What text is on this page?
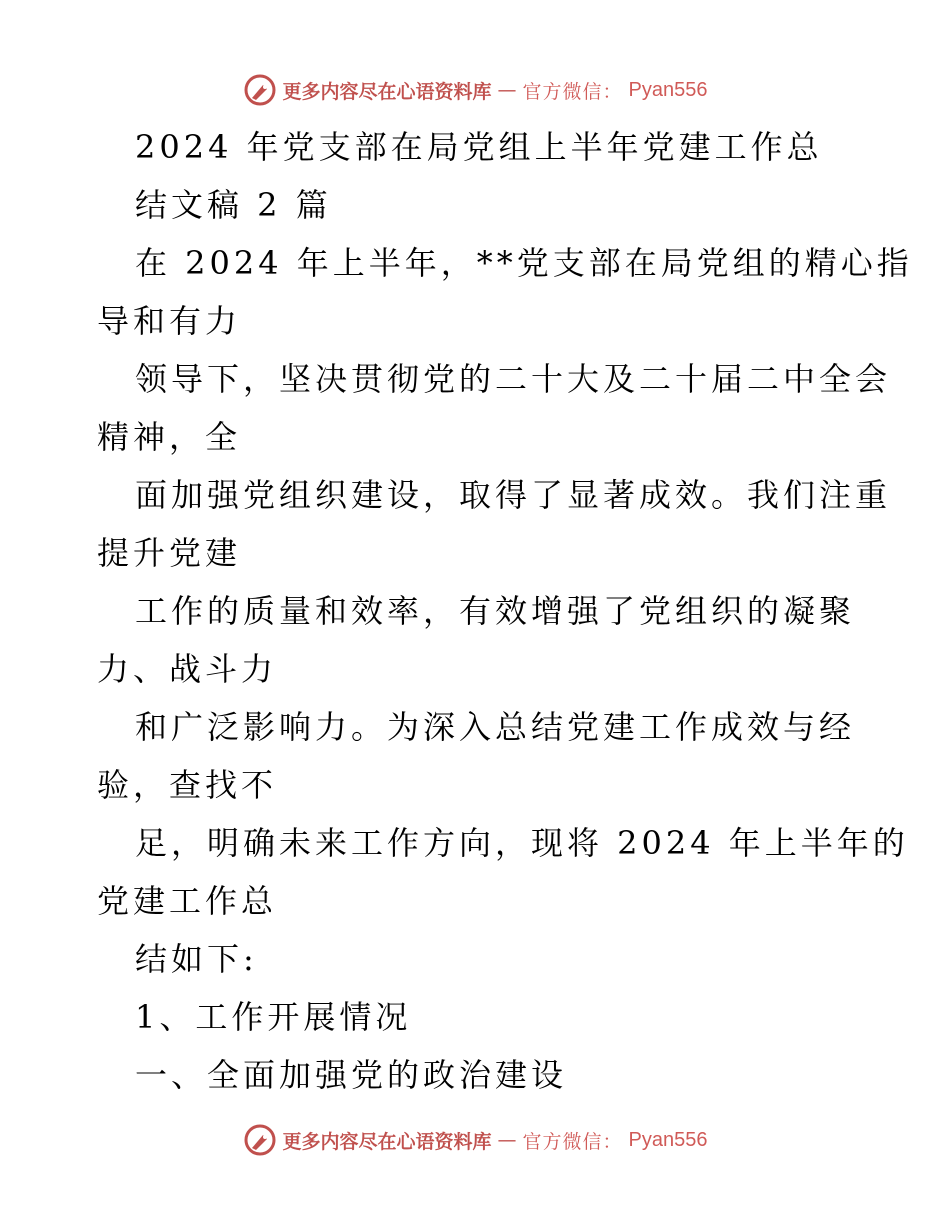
更多内容尽在心语资料库 — 官方微信： Pyan556
2024 年党支部在局党组上半年党建工作总
结文稿 2 篇
在 2024 年上半年，**党支部在局党组的精心指
导和有力
领导下，坚决贯彻党的二十大及二十届二中全会
精神，全
面加强党组织建设，取得了显著成效。我们注重
提升党建
工作的质量和效率，有效增强了党组织的凝聚
力、战斗力
和广泛影响力。为深入总结党建工作成效与经
验，查找不
足，明确未来工作方向，现将 2024 年上半年的
党建工作总
结如下:
1、工作开展情况
一、全面加强党的政治建设
更多内容尽在心语资料库 — 官方微信： Pyan556
